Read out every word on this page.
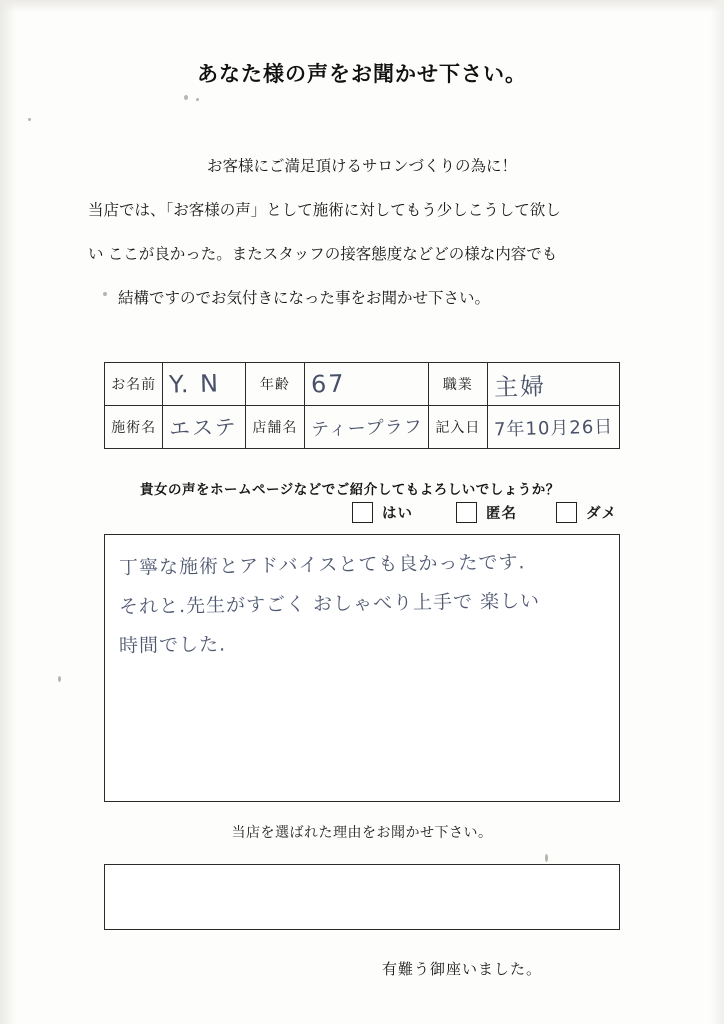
あなた様の声をお聞かせ下さい。
お客様にご満足頂けるサロンづくりの為に！
当店では、「お客様の声」として施術に対してもう少しこうして欲し
い ここが良かった。またスタッフの接客態度などどの様な内容でも
結構ですのでお気付きになった事をお聞かせ下さい。
お名前	Y. N	年齢	67	職業	主婦
施術名	エステ	店舗名	ティープラフ	記入日	7年10月26日
貴女の声をホームページなどでご紹介してもよろしいでしょうか？
はい	匿名	ダメ
丁寧な施術とアドバイスとても良かったです.
それと.先生がすごく おしゃべり上手で 楽しい
時間でした.
当店を選ばれた理由をお聞かせ下さい。
有難う御座いました。
